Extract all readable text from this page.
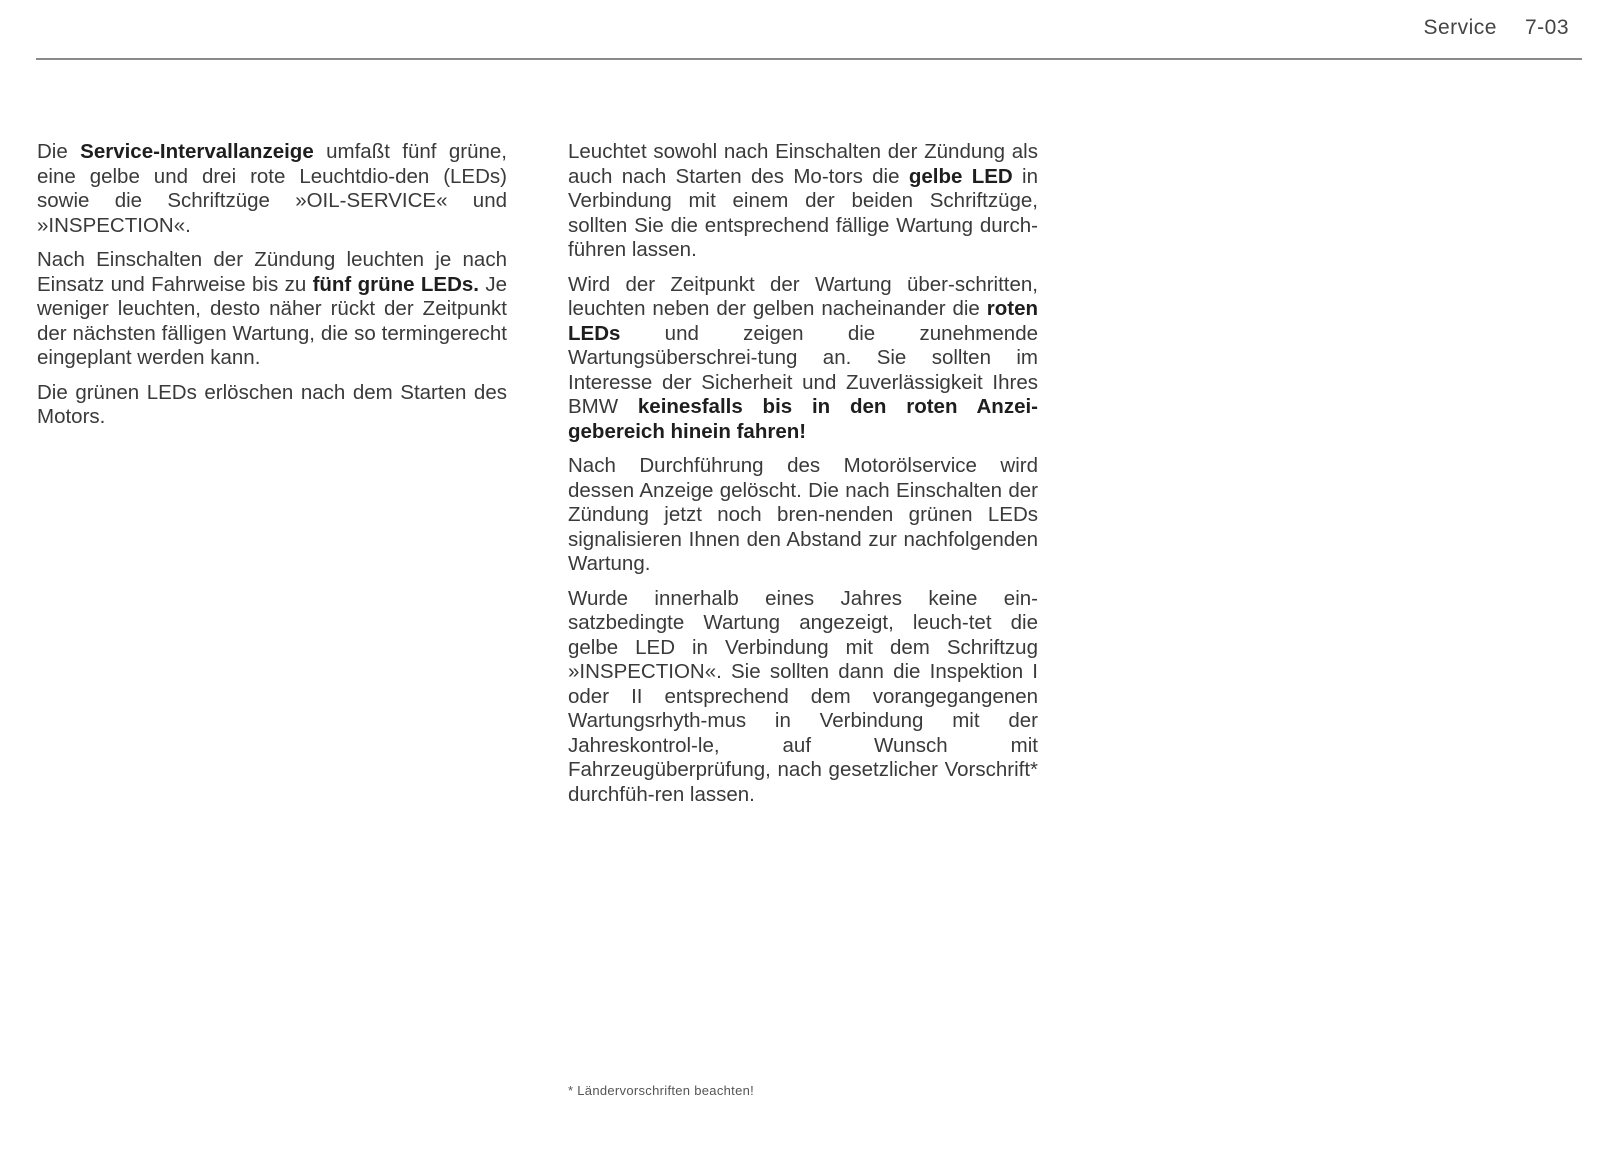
Service 7-03

Die Service-Intervallanzeige umfaßt fünf grüne, eine gelbe und drei rote Leuchtdio-den (LEDs) sowie die Schriftzüge »OIL-SERVICE« und »INSPECTION«.

Nach Einschalten der Zündung leuchten je nach Einsatz und Fahrweise bis zu fünf grüne LEDs. Je weniger leuchten, desto näher rückt der Zeitpunkt der nächsten fälligen Wartung, die so termingerecht eingeplant werden kann.

Die grünen LEDs erlöschen nach dem Starten des Motors.

Leuchtet sowohl nach Einschalten der Zündung als auch nach Starten des Mo-tors die gelbe LED in Verbindung mit einem der beiden Schriftzüge, sollten Sie die entsprechend fällige Wartung durch-führen lassen.

Wird der Zeitpunkt der Wartung über-schritten, leuchten neben der gelben nacheinander die roten LEDs und zeigen die zunehmende Wartungsüberschrei-tung an. Sie sollten im Interesse der Sicherheit und Zuverlässigkeit Ihres BMW keinesfalls bis in den roten Anzei-gebereich hinein fahren!

Nach Durchführung des Motorölservice wird dessen Anzeige gelöscht. Die nach Einschalten der Zündung jetzt noch bren-nenden grünen LEDs signalisieren Ihnen den Abstand zur nachfolgenden Wartung.

Wurde innerhalb eines Jahres keine ein-satzbedingte Wartung angezeigt, leuch-tet die gelbe LED in Verbindung mit dem Schriftzug »INSPECTION«. Sie sollten dann die Inspektion I oder II entsprechend dem vorangegangenen Wartungsrhyth-mus in Verbindung mit der Jahreskontrol-le, auf Wunsch mit Fahrzeugüberprüfung, nach gesetzlicher Vorschrift* durchfüh-ren lassen.

* Ländervorschriften beachten!
